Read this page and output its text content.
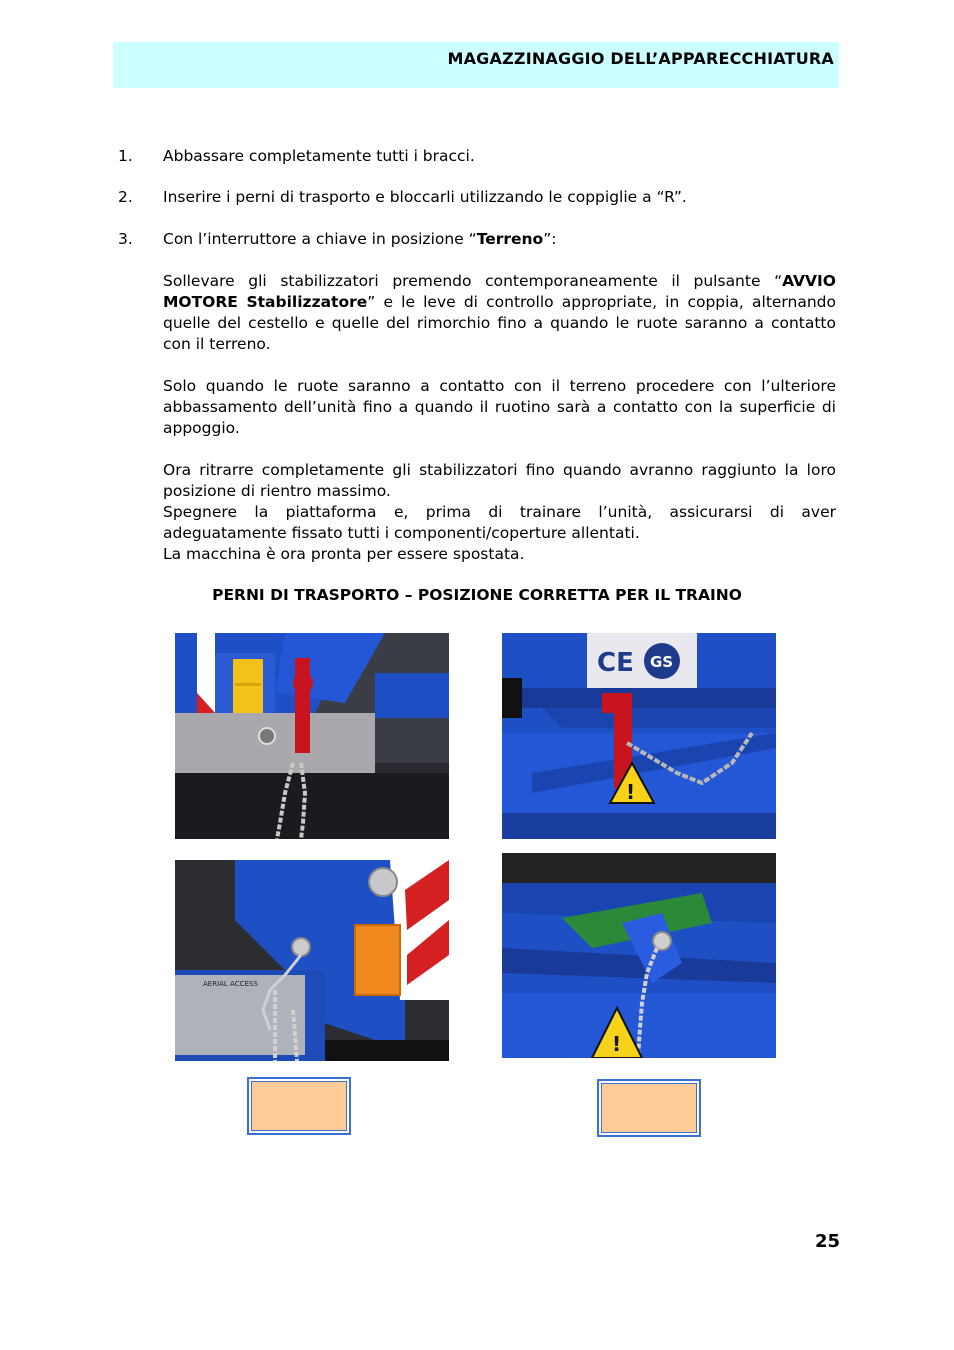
MAGAZZINAGGIO DELL’APPARECCHIATURA
1.	Abbassare completamente tutti i bracci.
2.	Inserire i perni di trasporto e bloccarli utilizzando le coppiglie a “R”.
3.	Con l’interruttore a chiave in posizione “Terreno”:

Sollevare gli stabilizzatori premendo contemporaneamente il pulsante “AVVIO MOTORE Stabilizzatore” e le leve di controllo appropriate, in coppia, alternando quelle del cestello e quelle del rimorchio fino a quando le ruote saranno a contatto con il terreno.

Solo quando le ruote saranno a contatto con il terreno procedere con l’ulteriore abbassamento dell’unità fino a quando il ruotino sarà a contatto con la superficie di appoggio.

Ora ritrarre completamente gli stabilizzatori fino quando avranno raggiunto la loro posizione di rientro massimo.

Spegnere la piattaforma e, prima di trainare l’unità, assicurarsi di aver adeguatamente fissato tutti i componenti/coperture allentati.

La macchina è ora pronta per essere spostata.

PERNI DI TRASPORTO – POSIZIONE CORRETTA PER IL TRAINO
CE GS
!
AERIAL ACCESS
!
25
